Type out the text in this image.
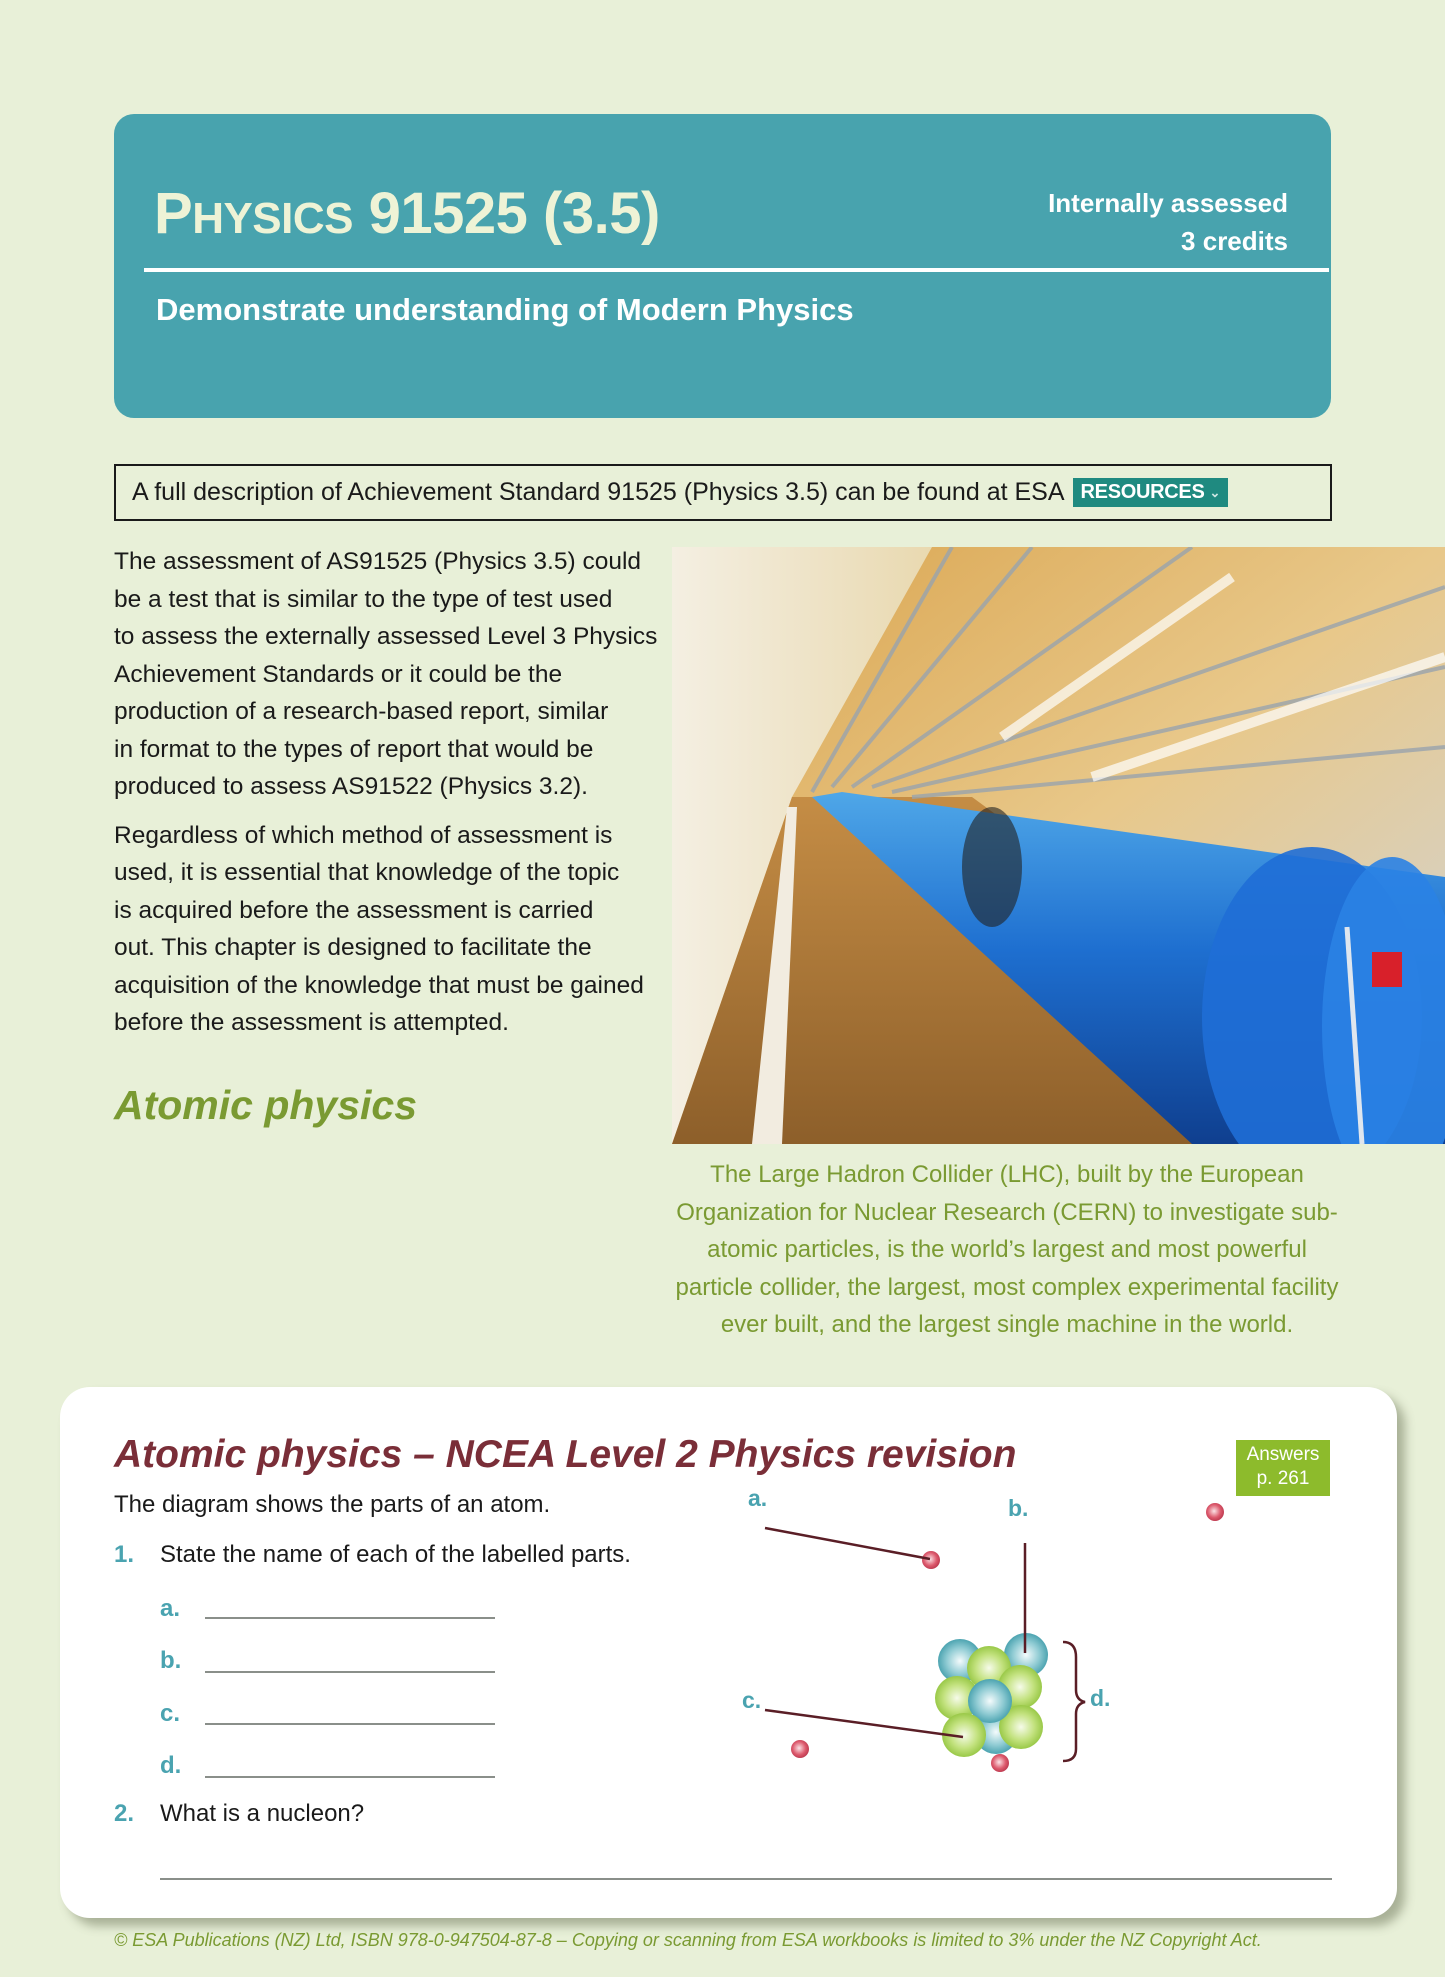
PHYSICS 91525 (3.5)	Internally assessed
3 credits
Demonstrate understanding of Modern Physics
A full description of Achievement Standard 91525 (Physics 3.5) can be found at ESA RESOURCES ⌄

The assessment of AS91525 (Physics 3.5) could
be a test that is similar to the type of test used
to assess the externally assessed Level 3 Physics
Achievement Standards or it could be the
production of a research-based report, similar
in format to the types of report that would be
produced to assess AS91522 (Physics 3.2).

Regardless of which method of assessment is
used, it is essential that knowledge of the topic
is acquired before the assessment is carried
out. This chapter is designed to facilitate the
acquisition of the knowledge that must be gained
before the assessment is attempted.

Atomic physics
The Large Hadron Collider (LHC), built by the European
Organization for Nuclear Research (CERN) to investigate sub-
atomic particles, is the world’s largest and most powerful
particle collider, the largest, most complex experimental facility
ever built, and the largest single machine in the world.
Atomic physics – NCEA Level 2 Physics revision	Answers
p. 261
The diagram shows the parts of an atom.
1. State the name of each of the labelled parts.
a.
b.
c.
d.
2. What is a nucleon?
a.	b.
c.	d.
© ESA Publications (NZ) Ltd, ISBN 978-0-947504-87-8 – Copying or scanning from ESA workbooks is limited to 3% under the NZ Copyright Act.
